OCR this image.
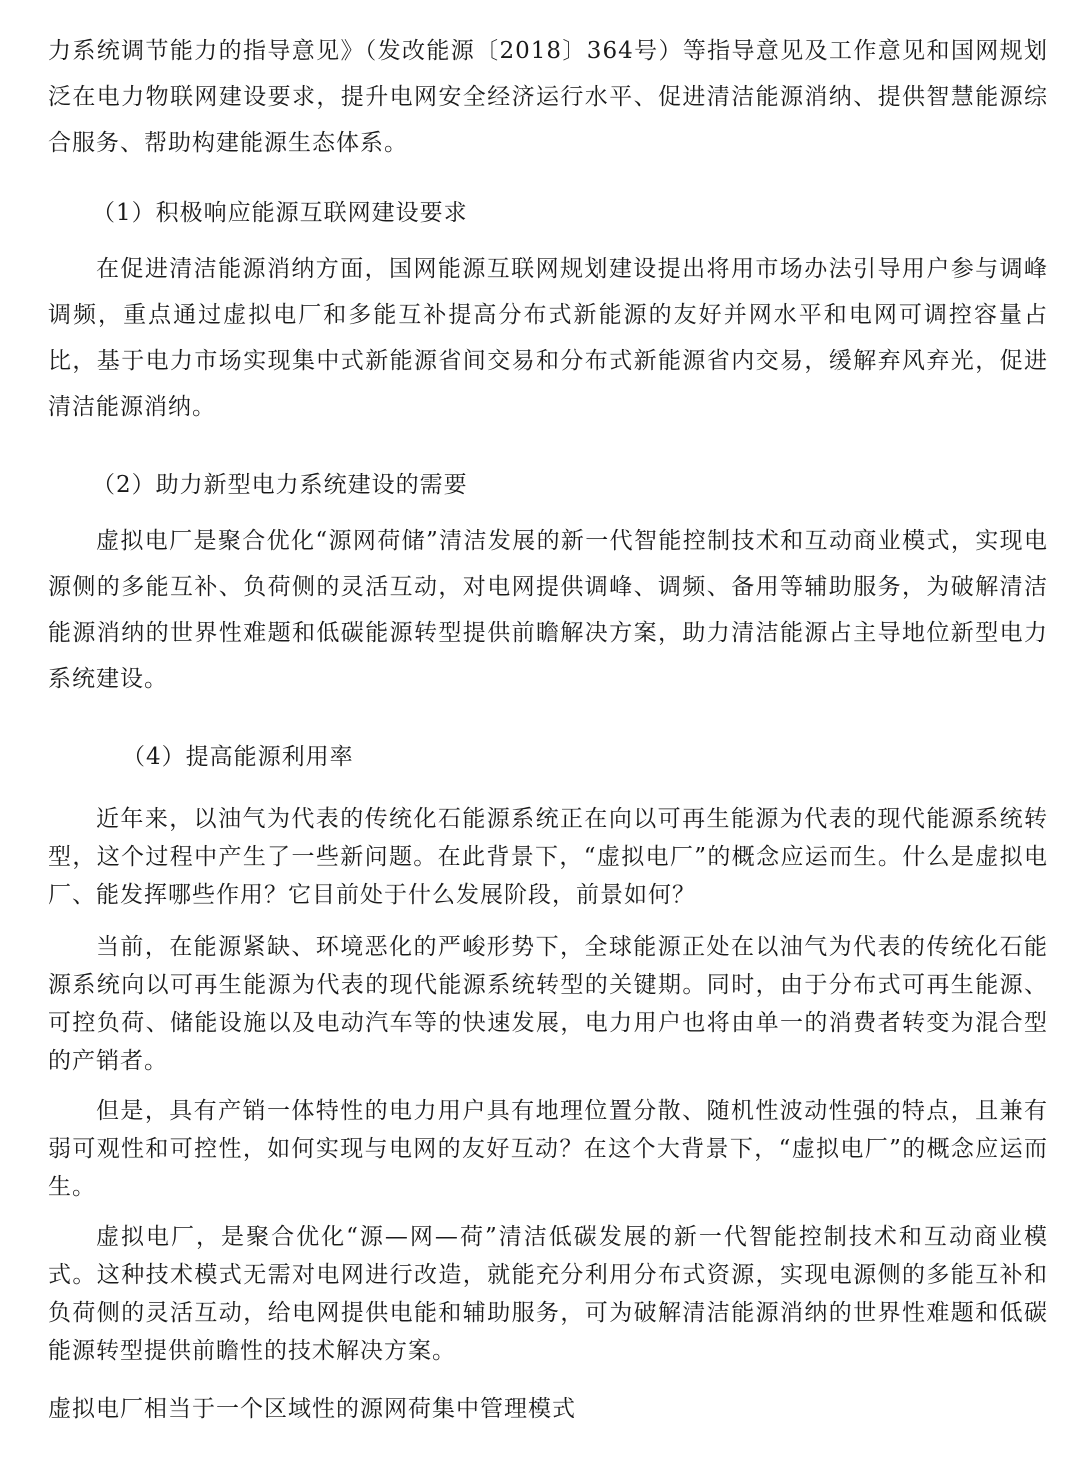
力系统调节能力的指导意见》（发改能源〔2018〕364号）等指导意见及工作意见和国网规划泛在电力物联网建设要求，提升电网安全经济运行水平、促进清洁能源消纳、提供智慧能源综合服务、帮助构建能源生态体系。

（1）积极响应能源互联网建设要求

在促进清洁能源消纳方面，国网能源互联网规划建设提出将用市场办法引导用户参与调峰调频，重点通过虚拟电厂和多能互补提高分布式新能源的友好并网水平和电网可调控容量占比，基于电力市场实现集中式新能源省间交易和分布式新能源省内交易，缓解弃风弃光，促进清洁能源消纳。

（2）助力新型电力系统建设的需要

虚拟电厂是聚合优化“源网荷储”清洁发展的新一代智能控制技术和互动商业模式，实现电源侧的多能互补、负荷侧的灵活互动，对电网提供调峰、调频、备用等辅助服务，为破解清洁能源消纳的世界性难题和低碳能源转型提供前瞻解决方案，助力清洁能源占主导地位新型电力系统建设。

（4）提高能源利用率

近年来，以油气为代表的传统化石能源系统正在向以可再生能源为代表的现代能源系统转型，这个过程中产生了一些新问题。在此背景下，“虚拟电厂”的概念应运而生。什么是虚拟电厂、能发挥哪些作用？它目前处于什么发展阶段，前景如何？

当前，在能源紧缺、环境恶化的严峻形势下，全球能源正处在以油气为代表的传统化石能源系统向以可再生能源为代表的现代能源系统转型的关键期。同时，由于分布式可再生能源、可控负荷、储能设施以及电动汽车等的快速发展，电力用户也将由单一的消费者转变为混合型的产销者。

但是，具有产销一体特性的电力用户具有地理位置分散、随机性波动性强的特点，且兼有弱可观性和可控性，如何实现与电网的友好互动？在这个大背景下，“虚拟电厂”的概念应运而生。

虚拟电厂，是聚合优化“源—网—荷”清洁低碳发展的新一代智能控制技术和互动商业模式。这种技术模式无需对电网进行改造，就能充分利用分布式资源，实现电源侧的多能互补和负荷侧的灵活互动，给电网提供电能和辅助服务，可为破解清洁能源消纳的世界性难题和低碳能源转型提供前瞻性的技术解决方案。

虚拟电厂相当于一个区域性的源网荷集中管理模式
